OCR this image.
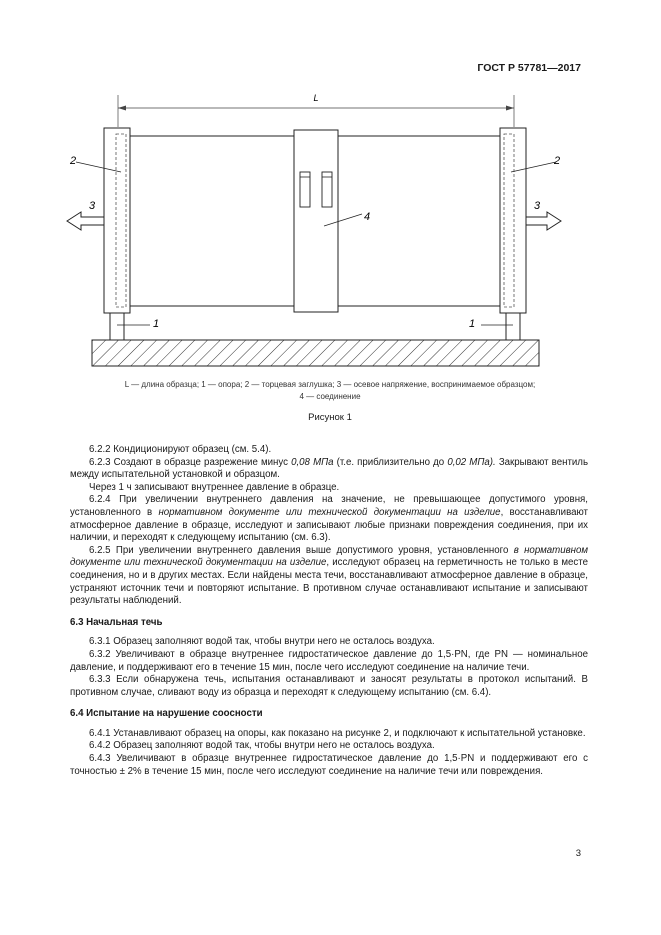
ГОСТ Р 57781—2017
L
2	2
3	3
4
1	1
L — длина образца; 1 — опора; 2 — торцевая заглушка; 3 — осевое напряжение, воспринимаемое образцом;
4 — соединение
Рисунок 1

6.2.2 Кондиционируют образец (см. 5.4).

6.2.3 Создают в образце разрежение минус 0,08 МПа (т.е. приблизительно до 0,02 МПа). Закрывают вентиль между испытательной установкой и образцом.

Через 1 ч записывают внутреннее давление в образце.

6.2.4 При увеличении внутреннего давления на значение, не превышающее допустимого уровня, установленного в нормативном документе или технической документации на изделие, восстанавливают атмосферное давление в образце, исследуют и записывают любые признаки повреждения соединения, при их наличии, и переходят к следующему испытанию (см. 6.3).

6.2.5 При увеличении внутреннего давления выше допустимого уровня, установленного в нормативном документе или технической документации на изделие, исследуют образец на герметичность не только в месте соединения, но и в других местах. Если найдены места течи, восстанавливают атмосферное давление в образце, устраняют источник течи и повторяют испытание. В противном случае останавливают испытание и записывают результаты наблюдений.

6.3 Начальная течь

6.3.1 Образец заполняют водой так, чтобы внутри него не осталось воздуха.

6.3.2 Увеличивают в образце внутреннее гидростатическое давление до 1,5·PN, где PN — номинальное давление, и поддерживают его в течение 15 мин, после чего исследуют соединение на наличие течи.

6.3.3 Если обнаружена течь, испытания останавливают и заносят результаты в протокол испытаний. В противном случае, сливают воду из образца и переходят к следующему испытанию (см. 6.4).

6.4 Испытание на нарушение соосности

6.4.1 Устанавливают образец на опоры, как показано на рисунке 2, и подключают к испытательной установке.

6.4.2 Образец заполняют водой так, чтобы внутри него не осталось воздуха.

6.4.3 Увеличивают в образце внутреннее гидростатическое давление до 1,5·PN и поддерживают его с точностью ± 2% в течение 15 мин, после чего исследуют соединение на наличие течи или повреждения.

3
